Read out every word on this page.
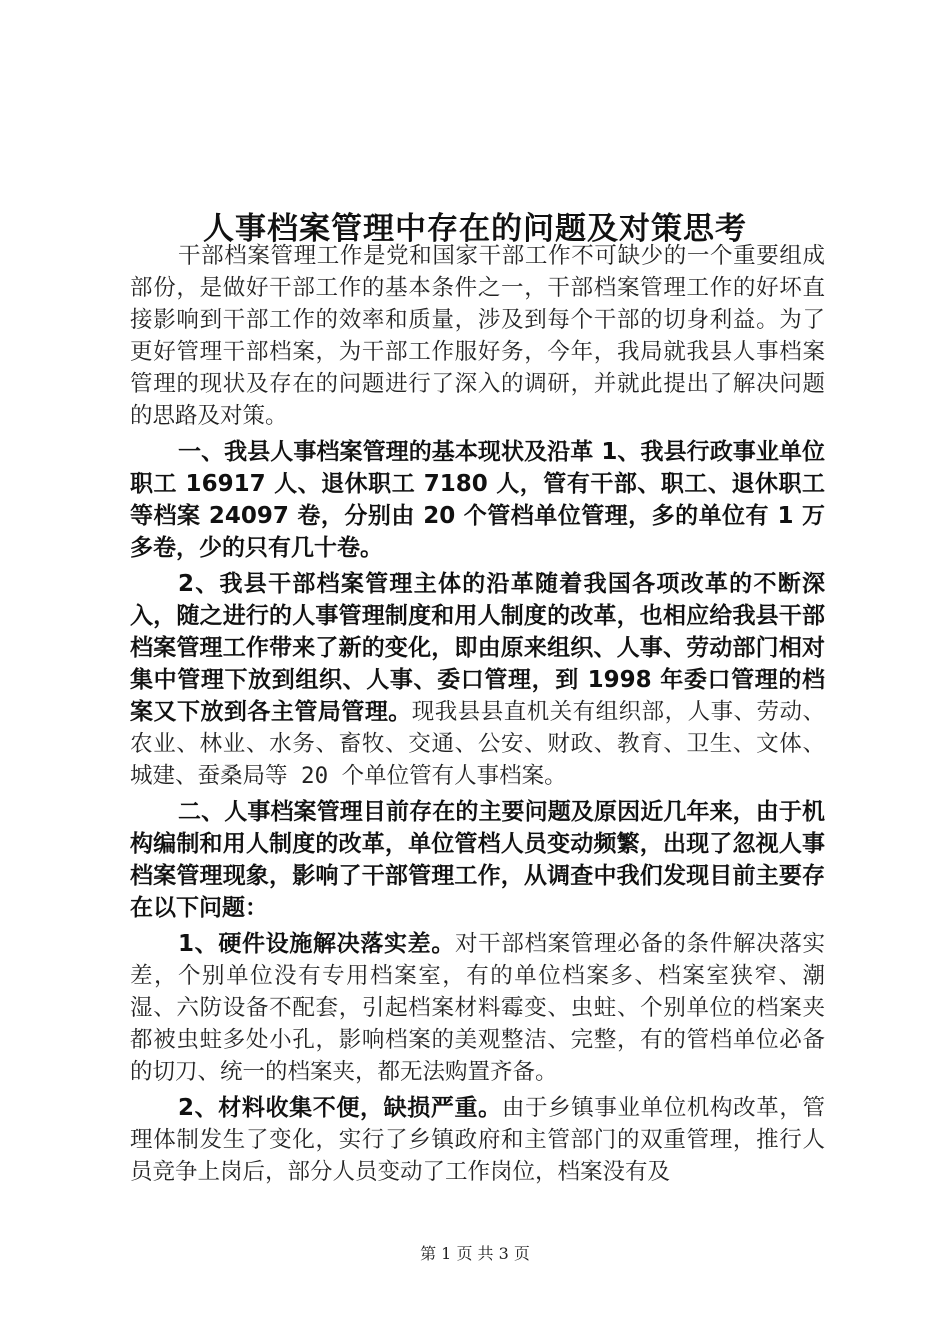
人事档案管理中存在的问题及对策思考

干部档案管理工作是党和国家干部工作不可缺少的一个重要组成部份，是做好干部工作的基本条件之一，干部档案管理工作的好坏直接影响到干部工作的效率和质量，涉及到每个干部的切身利益。为了更好管理干部档案，为干部工作服好务，今年，我局就我县人事档案管理的现状及存在的问题进行了深入的调研，并就此提出了解决问题的思路及对策。

一、我县人事档案管理的基本现状及沿革 1、我县行政事业单位职工 16917 人、退休职工 7180 人，管有干部、职工、退休职工等档案 24097 卷，分别由 20 个管档单位管理，多的单位有 1 万多卷，少的只有几十卷。

2、我县干部档案管理主体的沿革随着我国各项改革的不断深入，随之进行的人事管理制度和用人制度的改革，也相应给我县干部档案管理工作带来了新的变化，即由原来组织、人事、劳动部门相对集中管理下放到组织、人事、委口管理，到 1998 年委口管理的档案又下放到各主管局管理。现我县县直机关有组织部，人事、劳动、农业、林业、水务、畜牧、交通、公安、财政、教育、卫生、文体、城建、蚕桑局等 20 个单位管有人事档案。

二、人事档案管理目前存在的主要问题及原因近几年来，由于机构编制和用人制度的改革，单位管档人员变动频繁，出现了忽视人事档案管理现象，影响了干部管理工作，从调查中我们发现目前主要存在以下问题：

1、硬件设施解决落实差。对干部档案管理必备的条件解决落实差，个别单位没有专用档案室，有的单位档案多、档案室狭窄、潮湿、六防设备不配套，引起档案材料霉变、虫蛀、个别单位的档案夹都被虫蛀多处小孔，影响档案的美观整洁、完整，有的管档单位必备的切刀、统一的档案夹，都无法购置齐备。

2、材料收集不便，缺损严重。由于乡镇事业单位机构改革，管理体制发生了变化，实行了乡镇政府和主管部门的双重管理，推行人员竞争上岗后，部分人员变动了工作岗位，档案没有及

第 1 页 共 3 页
